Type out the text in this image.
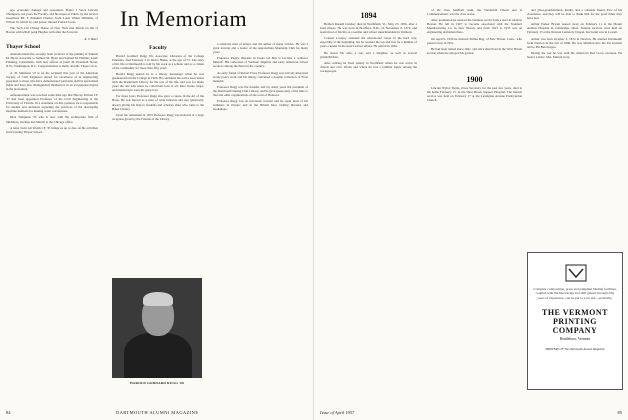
In Memoriam

age, economic damage and operations. Planet 1 Stock Lincoln Thompson, ten years the Faculty, and his hopes of Public by the service Greenbars Mr. F. Pennkett Charles, from Louis Walter Williams, of Wilson St. which by, and pastor, interest Pollard Cross.

The Tech Chi Chiang House of New York met March on the of Boston with which point Hughes with after the Forward.

R. S. Baker

Thayer School

Announcement has recently been received of the naming of Samuel M. Hyatt. Associate to Samuel M. Hyatt and Samuel M. Hamlin, Lanti' Planning Consultants, with new offices at point 40 Twentieth Street, N.W., Washington, D.C. Congratulations to them, and Mr. Thayer on to.

A. H. Simmons '27 is on the recipient this year of the American Society of Civil Engineers Award for excellence of in engineering presented to those who have demonstrated particular skill in specialized fields and have also distinguished themselves in an exceptional degree in the profession.

Announcement was received some time ago that Harvey Warren CE '37 had been appointed Professor of the Civil Engineering at the University of Florida. In a statement on this position, he is responsible for studies and decisions regarding the practices of the developing machine methods for making water calculations.

Dick Tompkins '35 who is now with the architecture firm of Skidmore, Owings and Merrill at the Chicago office.

A letter from Gil Walsh CE '35 brings us up to date on his activities since leaving Thayer School.

Faculty

Harold Goddard Rugg '06, Associate Librarian of the College Emeritus, died February 3 in Dick's Home, at the age of 73. The story of his life at Dartmouth is told by his work as a scholar and as a citizen of the community for more than fifty years.

Harold Rugg started in as a library messenger when he was graduated from the College in 1906. He continued his active association with the Dartmouth Library for the rest of his life, and was for many years the one who knew its collections best of all. Rare books, maps, and manuscripts were his great love.

For more years Professor Rugg also gave a course in the Art of the Book. He was known as a man of wide interests and rare generosity, always giving his help to students and scholars alike who came to the Baker Library.

Upon his retirement in 1953 Professor Rugg was honored at a large reception given by the Friends of the Library.

HAROLD GODDARD RUGG '06

a scholarly man of letters, and the author of many articles. He was a great traveler and a leader of the Appalachian Mountain Club for many years.

Professor Rugg's interests in books led him to become a collector himself. His collection of Vermont imprints and early American school books is among the finest in the country.

As early friend of Robert Frost, Professor Rugg was actively interested in the poet's work and his library contained a notable collection of Frost material.

Professor Rugg was the founder and for many years the president of the Dartmouth Outing Club Library, and he gave generously of his time to that and other organizations of the town of Hanover.

Professor Rugg was an inveterate traveler and he spent most of his summers in Europe and in the British Isles visiting libraries and bookshops.

84	DARTMOUTH ALUMNI MAGAZINE

1894

Herbert Russell Lindsay died in Northfield, Vt., May 25, 1956, after a brief illness. He was born in Bradford, N.H., on November 8, 1872, and spent most of his life as a teacher and school superintendent in Vermont.

Colonel Lovejoy attended the educational career in the hard way, especially at the beginning, but he reached the top and was for a number of years a leader in the state's school affairs. He retired in 1936.

He leaves his wife, a son, and a daughter, as well as several grandchildren.

After retiring he lived quietly in Northfield where he was active in church and civic affairs and where he was a familiar figure among the townspeople.

of the class handball team, the Vanderbilt Oberst and at Commencement, was the class orator.

After graduation he entered the business world from a start in retail in Boston. He left in 1907 to become associated with the Standard Manufacturing Co. in New Haven, and from 1913 to 1935 was an engineering draftsman there.

On April 9, 1956 he married Emma Bog, of New Haven, Conn., who passed away in 1951.

He had been retired since 1941, and since then lived in the West Haven section where he enjoyed his garden.

1900

Lincoln Wynot Tuttle, Class Secretary for the past few years, died at his home February 15, in the West Haven Sapport Hospital. The funeral service was held on February 17 at the Lexington Avenue Presbyterian Church.

and great-grandchildren, kindly, and a valuable friend. Few of his classmates, and they will be able to thank him for the good times they have had.

Arthur Parker Bryant passed away on February 11 at the Mount Auburn Hospital in Cambridge, Mass. Funeral services were held on February 15 at the Newton Cemetery Chapel, but burial was in Lowell.

Arthur was born October 3, 1874 in Newton. He entered Dartmouth from Newton in the fall of 1896. He was admitted into the Psi Upsilon and to Phi Beta Kappa.

During the war he was with the American Red Cross overseas. He leaves a sister, Mrs. Marion Gray.

Complete composition, press and pamphlet binding facilities, coupled with the knowledge and skill gained through fifty years of experience, can be put to your use—profitably.
THE VERMONT PRINTING COMPANY
Brattleboro, Vermont
PRINTERS OF The Dartmouth Alumni Magazine
Issue of April 1957	85
